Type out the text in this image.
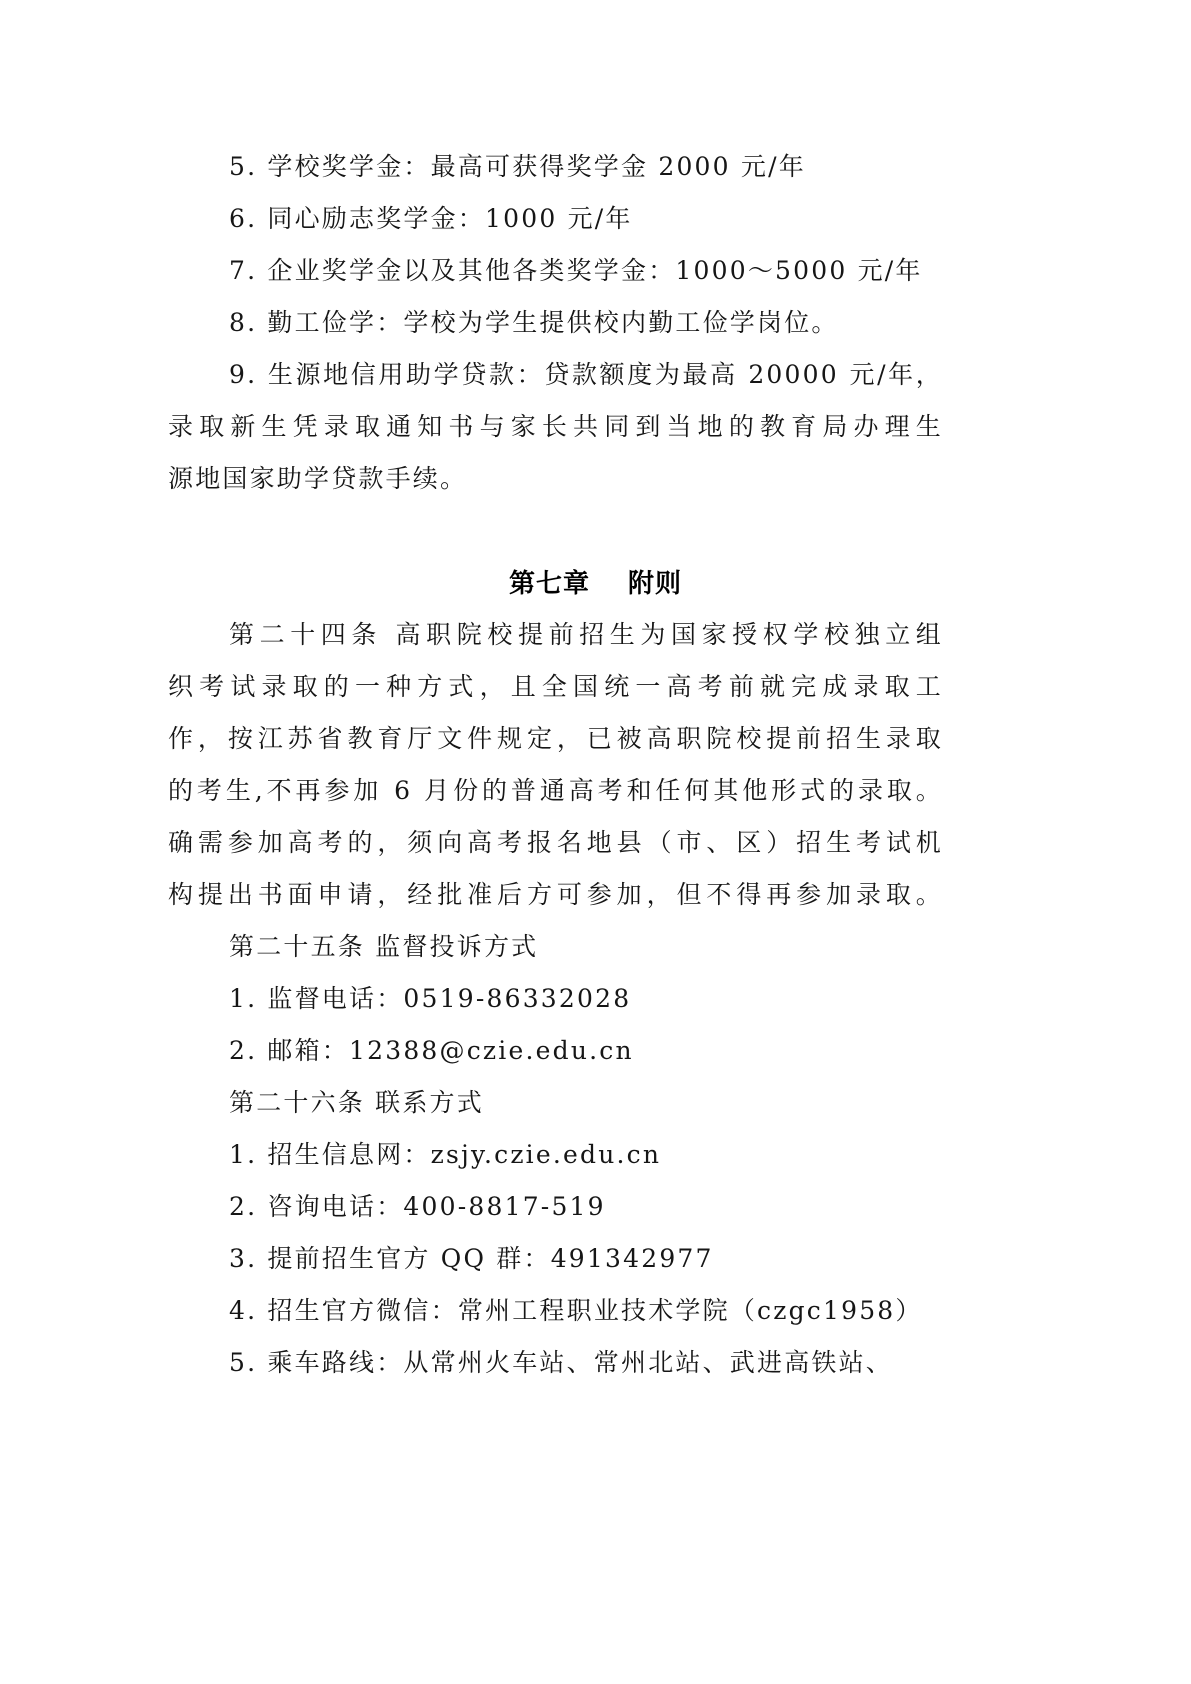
5. 学校奖学金：最高可获得奖学金 2000 元/年
6. 同心励志奖学金：1000 元/年
7. 企业奖学金以及其他各类奖学金：1000～5000 元/年
8. 勤工俭学：学校为学生提供校内勤工俭学岗位。
9. 生源地信用助学贷款：贷款额度为最高 20000 元/年，
录取新生凭录取通知书与家长共同到当地的教育局办理生
源地国家助学贷款手续。
第七章 附则
第二十四条 高职院校提前招生为国家授权学校独立组
织考试录取的一种方式，且全国统一高考前就完成录取工
作，按江苏省教育厅文件规定，已被高职院校提前招生录取
的考生,不再参加 6 月份的普通高考和任何其他形式的录取。
确需参加高考的，须向高考报名地县（市、区）招生考试机
构提出书面申请，经批准后方可参加，但不得再参加录取。
第二十五条 监督投诉方式
1. 监督电话：0519-86332028
2. 邮箱：12388@czie.edu.cn
第二十六条 联系方式
1. 招生信息网：zsjy.czie.edu.cn
2. 咨询电话：400-8817-519
3. 提前招生官方 QQ 群：491342977
4. 招生官方微信：常州工程职业技术学院（czgc1958）
5. 乘车路线：从常州火车站、常州北站、武进高铁站、
